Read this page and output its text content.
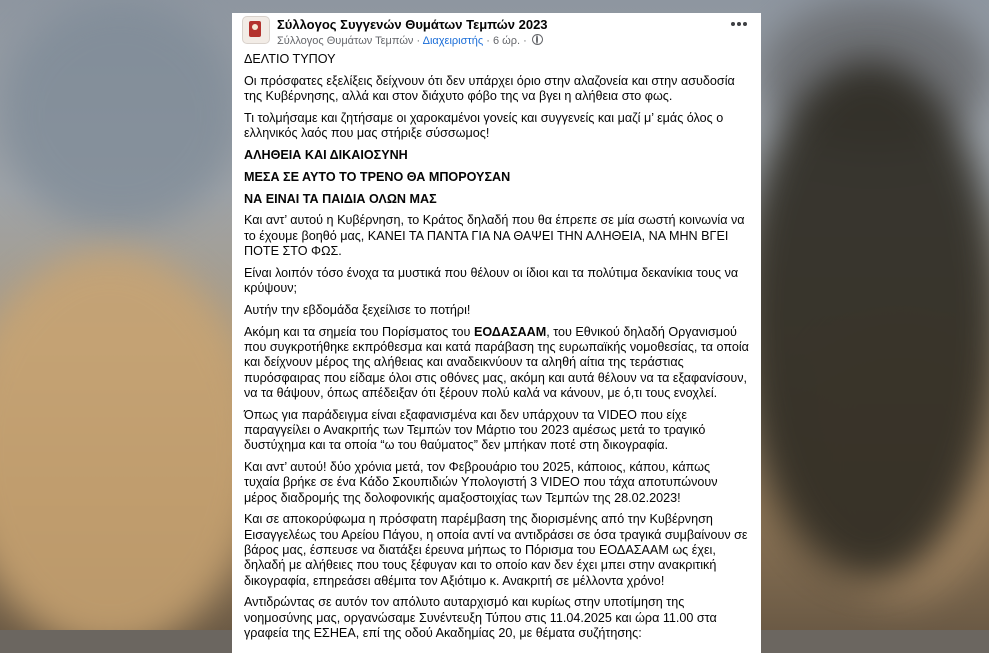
Σύλλογος Συγγενών Θυμάτων Τεμπών 2023
Σύλλογος Θυμάτων Τεμπών · Διαχειριστής · 6 ώρ. ·

ΔΕΛΤΙΟ ΤΥΠΟΥ

Οι πρόσφατες εξελίξεις δείχνουν ότι δεν υπάρχει όριο στην αλαζονεία και στην ασυδοσία της Κυβέρνησης, αλλά και στον διάχυτο φόβο της να βγει η αλήθεια στο φως.

Τι τολμήσαμε και ζητήσαμε οι χαροκαμένοι γονείς και συγγενείς και μαζί μ’ εμάς όλος ο ελληνικός λαός που μας στήριξε σύσσωμος!

ΑΛΗΘΕΙΑ ΚΑΙ ΔΙΚΑΙΟΣΥΝΗ

ΜΕΣΑ ΣΕ ΑΥΤΟ ΤΟ ΤΡΕΝΟ ΘΑ ΜΠΟΡΟΥΣΑΝ

ΝΑ ΕΙΝΑΙ ΤΑ ΠΑΙΔΙΑ ΟΛΩΝ ΜΑΣ

Και αντ’ αυτού η Κυβέρνηση, το Κράτος δηλαδή που θα έπρεπε σε μία σωστή κοινωνία να το έχουμε βοηθό μας, ΚΑΝΕΙ ΤΑ ΠΑΝΤΑ ΓΙΑ ΝΑ ΘΑΨΕΙ ΤΗΝ ΑΛΗΘΕΙΑ, ΝΑ ΜΗΝ ΒΓΕΙ ΠΟΤΕ ΣΤΟ ΦΩΣ.

Είναι λοιπόν τόσο ένοχα τα μυστικά που θέλουν οι ίδιοι και τα πολύτιμα δεκανίκια τους να κρύψουν;

Αυτήν την εβδομάδα ξεχείλισε το ποτήρι!

Ακόμη και τα σημεία του Πορίσματος του ΕΟΔΑΣΑΑΜ, του Εθνικού δηλαδή Οργανισμού που συγκροτήθηκε εκπρόθεσμα και κατά παράβαση της ευρωπαϊκής νομοθεσίας, τα οποία και δείχνουν μέρος της αλήθειας και αναδεικνύουν τα αληθή αίτια της τεράστιας πυρόσφαιρας που είδαμε όλοι στις οθόνες μας, ακόμη και αυτά θέλουν να τα εξαφανίσουν, να τα θάψουν, όπως απέδειξαν ότι ξέρουν πολύ καλά να κάνουν, με ό,τι τους ενοχλεί.

Όπως για παράδειγμα είναι εξαφανισμένα και δεν υπάρχουν τα VIDEO που είχε παραγγείλει ο Ανακριτής των Τεμπών τον Μάρτιο του 2023 αμέσως μετά το τραγικό δυστύχημα και τα οποία “ω του θαύματος” δεν μπήκαν ποτέ στη δικογραφία.

Και αντ’ αυτού! δύο χρόνια μετά, τον Φεβρουάριο του 2025, κάποιος, κάπου, κάπως τυχαία βρήκε σε ένα Κάδο Σκουπιδιών Υπολογιστή 3 VIDEO που τάχα αποτυπώνουν μέρος διαδρομής της δολοφονικής αμαξοστοιχίας των Τεμπών της 28.02.2023!

Και σε αποκορύφωμα η πρόσφατη παρέμβαση της διορισμένης από την Κυβέρνηση Εισαγγελέως του Αρείου Πάγου, η οποία αντί να αντιδράσει σε όσα τραγικά συμβαίνουν σε βάρος μας, έσπευσε να διατάξει έρευνα μήπως το Πόρισμα του ΕΟΔΑΣΑΑΜ ως έχει, δηλαδή με αλήθειες που τους ξέφυγαν και το οποίο καν δεν έχει μπει στην ανακριτική δικογραφία, επηρεάσει αθέμιτα τον Αξιότιμο κ. Ανακριτή σε μέλλοντα χρόνο!

Αντιδρώντας σε αυτόν τον απόλυτο αυταρχισμό και κυρίως στην υποτίμηση της νοημοσύνης μας, οργανώσαμε Συνέντευξη Τύπου στις 11.04.2025 και ώρα 11.00 στα γραφεία της ΕΣΗΕΑ, επί της οδού Ακαδημίας 20, με θέματα συζήτησης:
